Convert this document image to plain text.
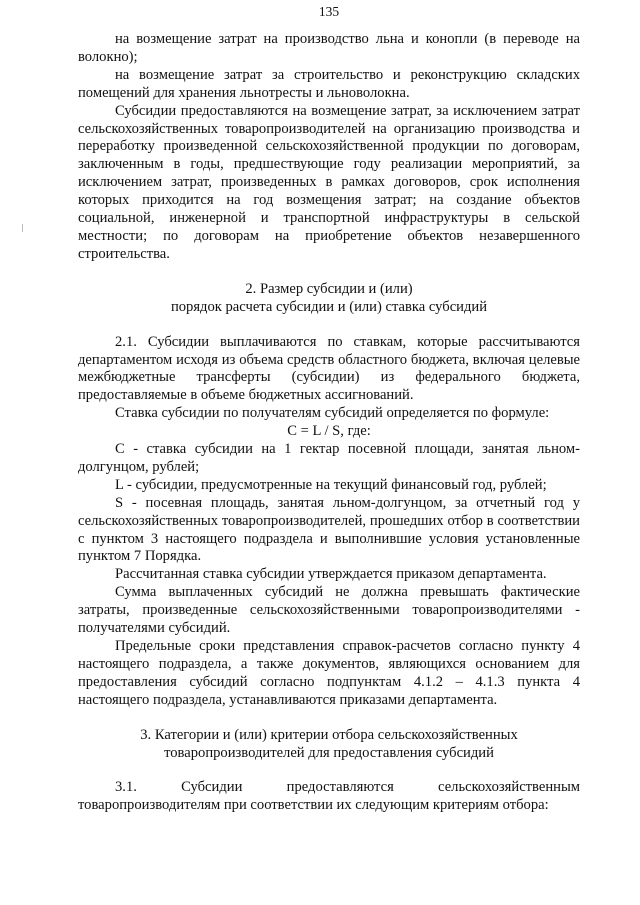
135

на возмещение затрат на производство льна и конопли (в переводе на волокно);

на возмещение затрат за строительство и реконструкцию складских помещений для хранения льнотресты и льноволокна.

Субсидии предоставляются на возмещение затрат, за исключением затрат сельскохозяйственных товаропроизводителей на организацию производства и переработку произведенной сельскохозяйственной продукции по договорам, заключенным в годы, предшествующие году реализации мероприятий, за исключением затрат, произведенных в рамках договоров, срок исполнения которых приходится на год возмещения затрат; на создание объектов социальной, инженерной и транспортной инфраструктуры в сельской местности; по договорам на приобретение объектов незавершенного строительства.

2. Размер субсидии и (или)
порядок расчета субсидии и (или) ставка субсидий

2.1. Субсидии выплачиваются по ставкам, которые рассчитываются департаментом исходя из объема средств областного бюджета, включая целевые межбюджетные трансферты (субсидии) из федерального бюджета, предоставляемые в объеме бюджетных ассигнований.

Ставка субсидии по получателям субсидий определяется по формуле:

С = L / S, где:

С - ставка субсидии на 1 гектар посевной площади, занятая льном-долгунцом, рублей;

L - субсидии, предусмотренные на текущий финансовый год, рублей;

S - посевная площадь, занятая льном-долгунцом, за отчетный год у сельскохозяйственных товаропроизводителей, прошедших отбор в соответствии с пунктом 3 настоящего подраздела и выполнившие условия установленные пунктом 7 Порядка.

Рассчитанная ставка субсидии утверждается приказом департамента.

Сумма выплаченных субсидий не должна превышать фактические затраты, произведенные сельскохозяйственными товаропроизводителями - получателями субсидий.

Предельные сроки представления справок-расчетов согласно пункту 4 настоящего подраздела, а также документов, являющихся основанием для предоставления субсидий согласно подпунктам 4.1.2 – 4.1.3 пункта 4 настоящего подраздела, устанавливаются приказами департамента.

3. Категории и (или) критерии отбора сельскохозяйственных
товаропроизводителей для предоставления субсидий

3.1. Субсидии предоставляются сельскохозяйственным

товаропроизводителям при соответствии их следующим критериям отбора:
